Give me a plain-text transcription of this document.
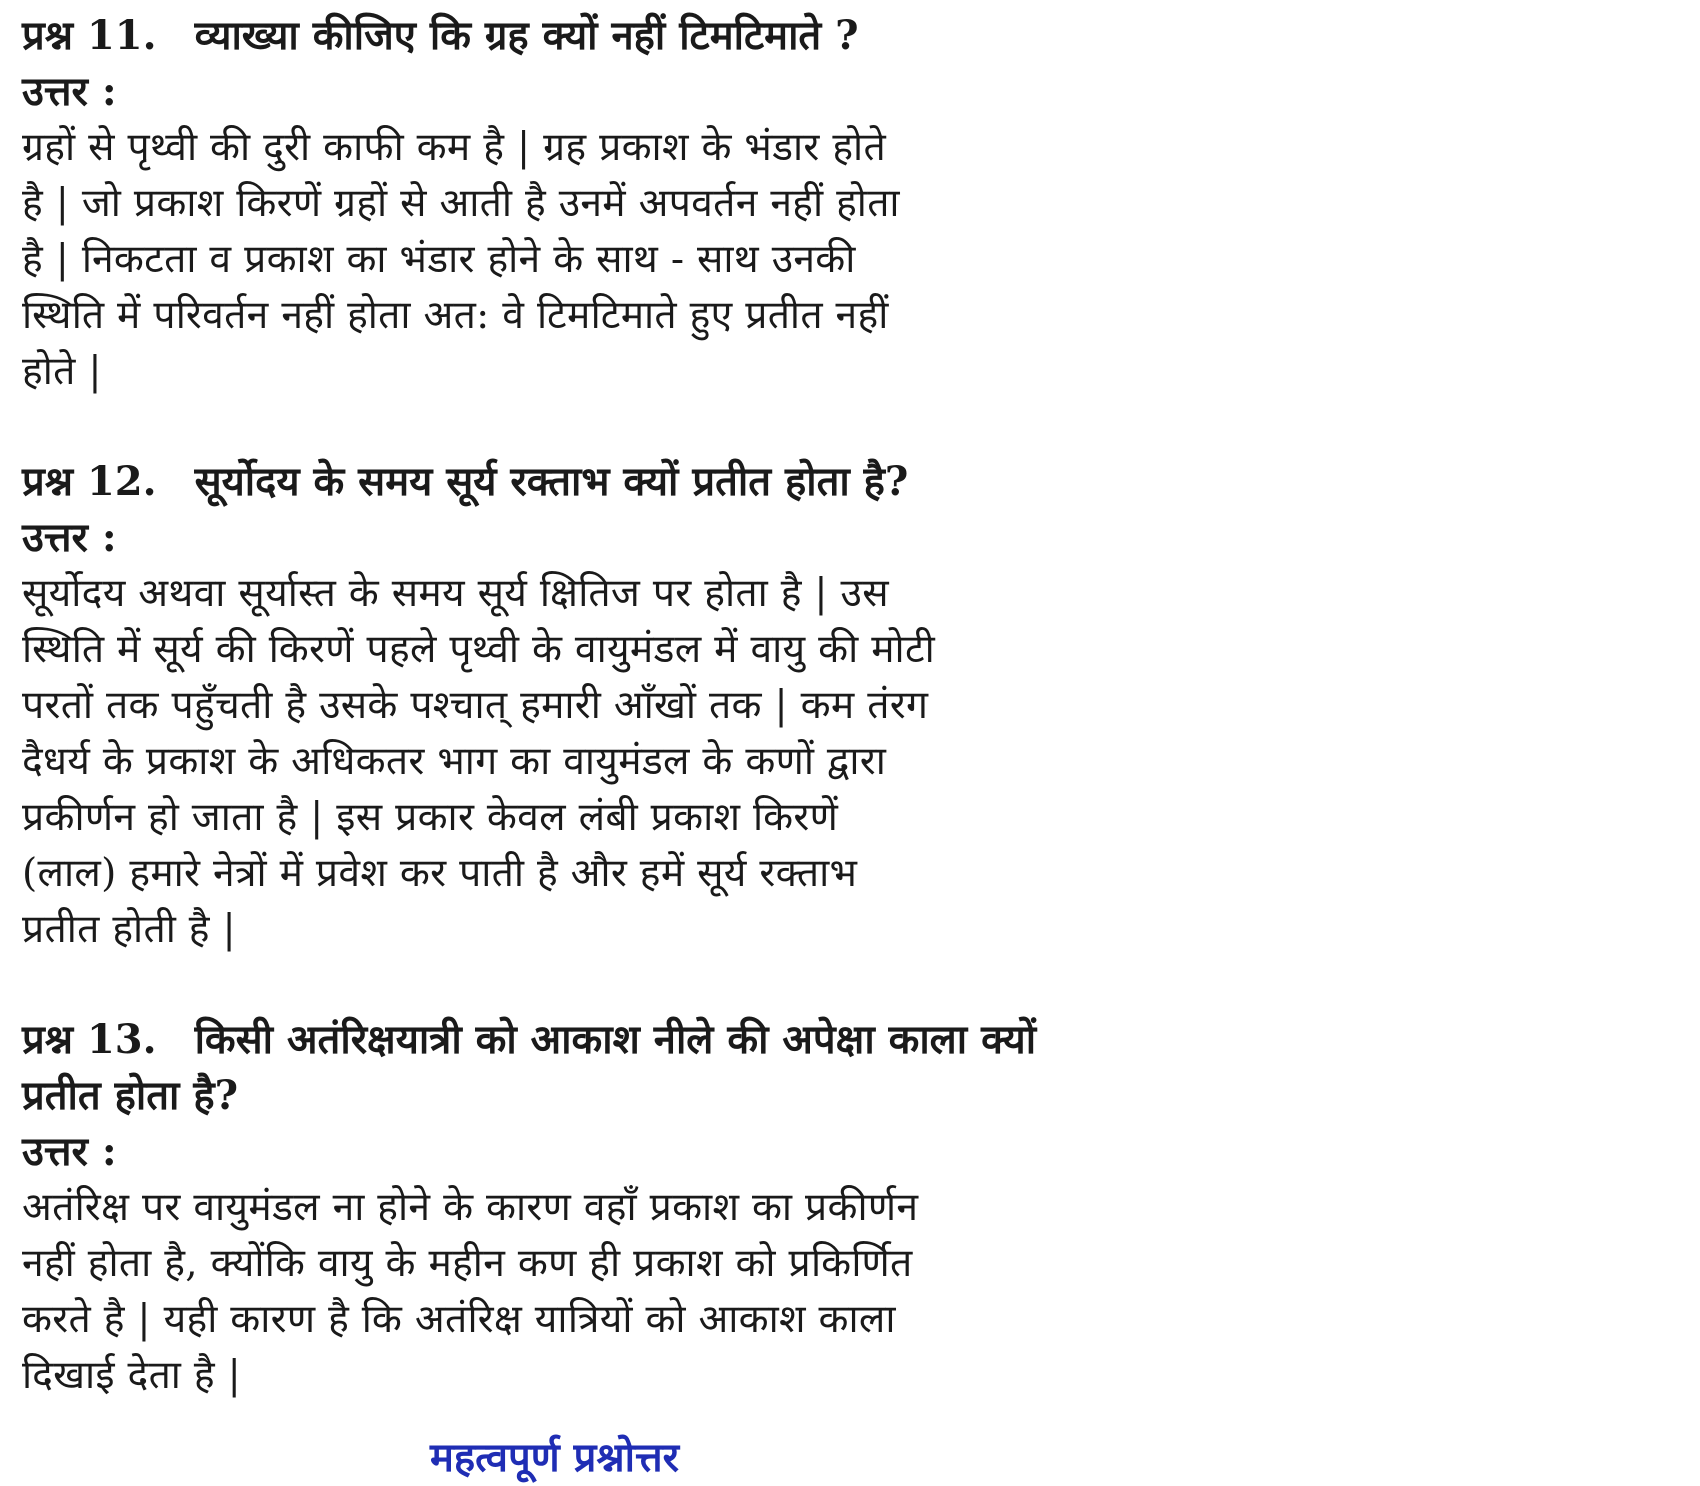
प्रश्न 11. व्याख्या कीजिए कि ग्रह क्यों नहीं टिमटिमाते ?
उत्तर :
ग्रहों से पृथ्वी की दुरी काफी कम है | ग्रह प्रकाश के भंडार होते
है | जो प्रकाश किरणें ग्रहों से आती है उनमें अपवर्तन नहीं होता
है | निकटता व प्रकाश का भंडार होने के साथ - साथ उनकी
स्थिति में परिवर्तन नहीं होता अत: वे टिमटिमाते हुए प्रतीत नहीं
होते |
प्रश्न 12. सूर्योदय के समय सूर्य रक्ताभ क्यों प्रतीत होता है?
उत्तर :
सूर्योदय अथवा सूर्यास्त के समय सूर्य क्षितिज पर होता है | उस
स्थिति में सूर्य की किरणें पहले पृथ्वी के वायुमंडल में वायु की मोटी
परतों तक पहुँचती है उसके पश्चात् हमारी आँखों तक | कम तंरग
दैधर्य के प्रकाश के अधिकतर भाग का वायुमंडल के कणों द्वारा
प्रकीर्णन हो जाता है | इस प्रकार केवल लंबी प्रकाश किरणें
(लाल) हमारे नेत्रों में प्रवेश कर पाती है और हमें सूर्य रक्ताभ
प्रतीत होती है |
प्रश्न 13. किसी अतंरिक्षयात्री को आकाश नीले की अपेक्षा काला क्यों प्रतीत होता है?
उत्तर :
अतंरिक्ष पर वायुमंडल ना होने के कारण वहाँ प्रकाश का प्रकीर्णन
नहीं होता है, क्योंकि वायु के महीन कण ही प्रकाश को प्रकिर्णित
करते है | यही कारण है कि अतंरिक्ष यात्रियों को आकाश काला
दिखाई देता है |
महत्वपूर्ण प्रश्नोत्तर
